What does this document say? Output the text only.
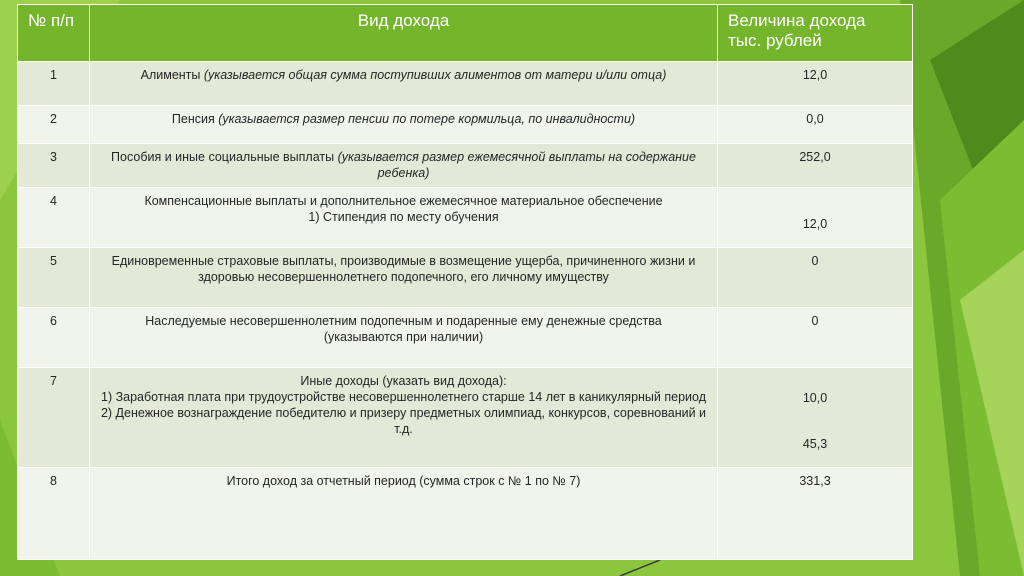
№ п/п	Вид дохода	Величина дохода
тыс. рублей

1	Алименты (указывается общая сумма поступивших алиментов от матери и/или отца)	12,0
2	Пенсия (указывается размер пенсии по потере кормильца, по инвалидности)	0,0
3	Пособия и иные социальные выплаты (указывается размер ежемесячной выплаты на содержание ребенка)	252,0
4	Компенсационные выплаты и дополнительное ежемесячное материальное обеспечение
1) Стипендия по месту обучения	12,0
5	Единовременные страховые выплаты, производимые в возмещение ущерба, причиненного жизни и здоровью несовершеннолетнего подопечного, его личному имуществу	0
6	Наследуемые несовершеннолетним подопечным и подаренные ему денежные средства
(указываются при наличии)	0
7	Иные доходы (указать вид дохода):
1) Заработная плата при трудоустройстве несовершеннолетнего старше 14 лет в каникулярный период
2) Денежное вознаграждение победителю и призеру предметных олимпиад, конкурсов, соревнований и т.д.	10,0
45,3

8	Итого доход за отчетный период (сумма строк с № 1 по № 7)	331,3
